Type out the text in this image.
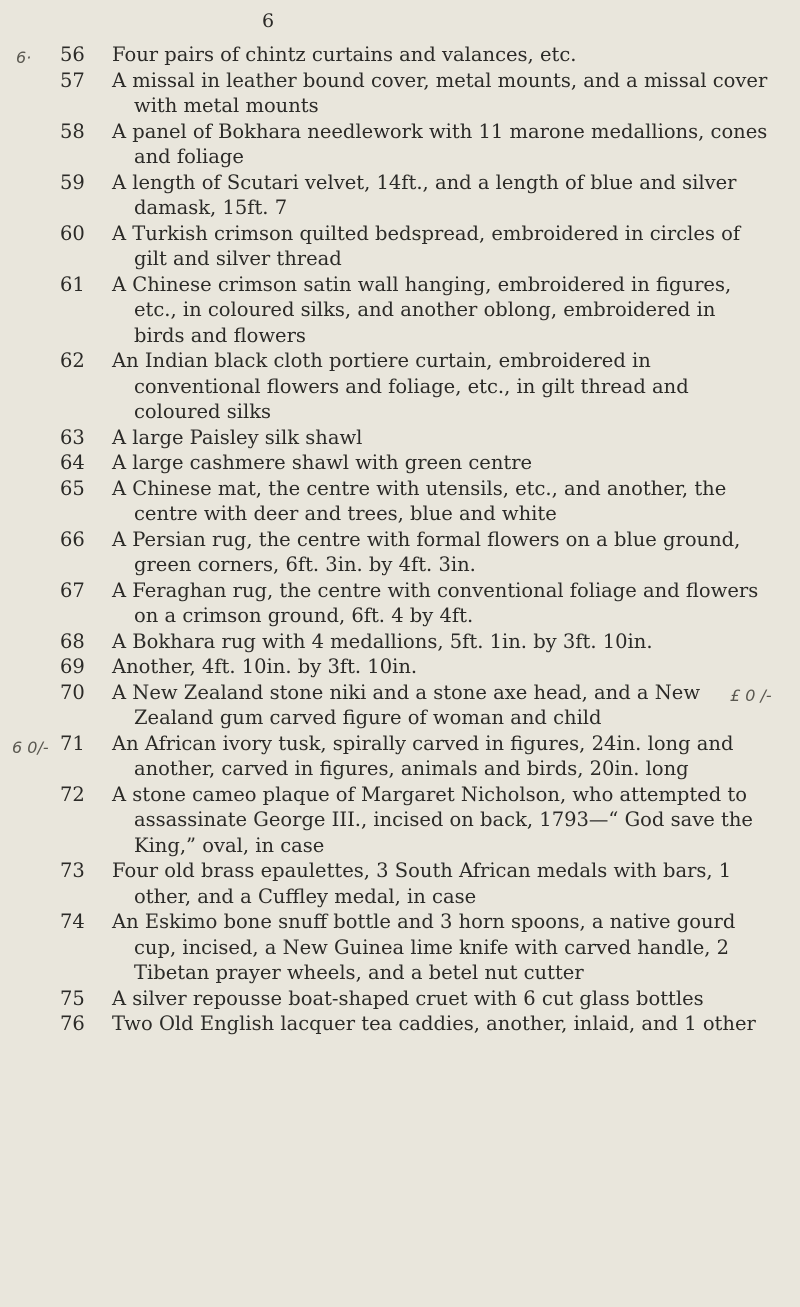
6
6·
6 0/-
£ 0 /-
56	Four pairs of chintz curtains and valances, etc.
57	A missal in leather bound cover, metal mounts, and a missal cover with metal mounts
58	A panel of Bokhara needlework with 11 marone medallions, cones and foliage
59	A length of Scutari velvet, 14ft., and a length of blue and silver damask, 15ft. 7
60	A Turkish crimson quilted bedspread, embroidered in circles of gilt and silver thread
61	A Chinese crimson satin wall hanging, embroidered in figures, etc., in coloured silks, and another oblong, embroidered in birds and flowers
62	An Indian black cloth portiere curtain, embroidered in conventional flowers and foliage, etc., in gilt thread and coloured silks
63	A large Paisley silk shawl
64	A large cashmere shawl with green centre
65	A Chinese mat, the centre with utensils, etc., and another, the centre with deer and trees, blue and white
66	A Persian rug, the centre with formal flowers on a blue ground, green corners, 6ft. 3in. by 4ft. 3in.
67	A Feraghan rug, the centre with conventional foliage and flowers on a crimson ground, 6ft. 4 by 4ft.
68	A Bokhara rug with 4 medallions, 5ft. 1in. by 3ft. 10in.
69	Another, 4ft. 10in. by 3ft. 10in.
70	A New Zealand stone niki and a stone axe head, and a New Zealand gum carved figure of woman and child
71	An African ivory tusk, spirally carved in figures, 24in. long and another, carved in figures, animals and birds, 20in. long
72	A stone cameo plaque of Margaret Nicholson, who attempted to assassinate George III., incised on back, 1793—“ God save the King,” oval, in case
73	Four old brass epaulettes, 3 South African medals with bars, 1 other, and a Cuffley medal, in case
74	An Eskimo bone snuff bottle and 3 horn spoons, a native gourd cup, incised, a New Guinea lime knife with carved handle, 2 Tibetan prayer wheels, and a betel nut cutter
75	A silver repousse boat-shaped cruet with 6 cut glass bottles
76	Two Old English lacquer tea caddies, another, inlaid, and 1 other
